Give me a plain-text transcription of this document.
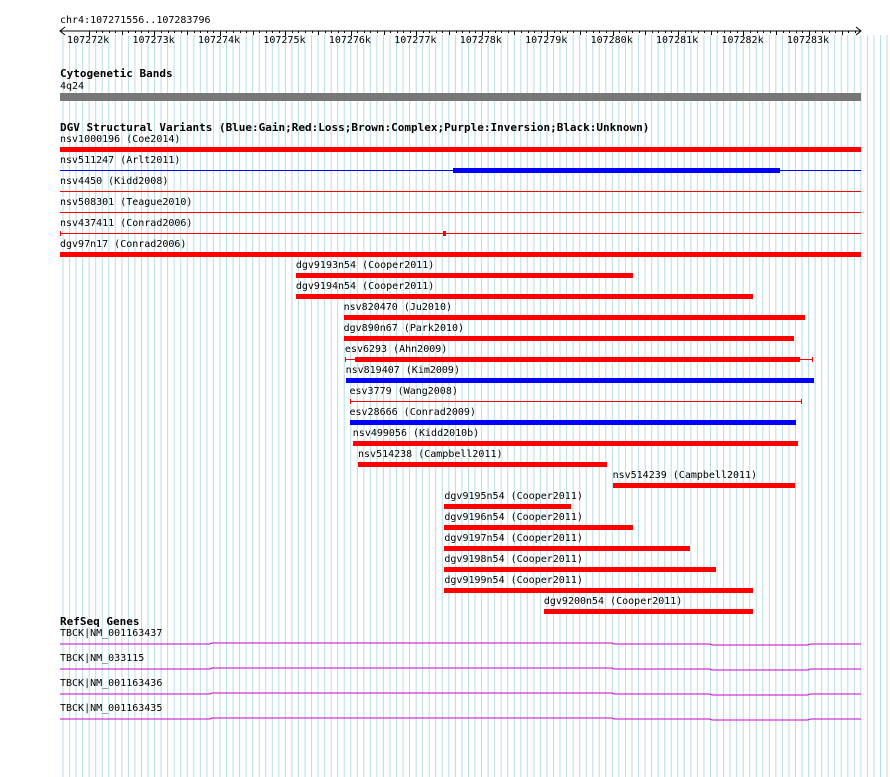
chr4:107271556..107283796
107272k 107273k 107274k 107275k 107276k 107277k 107278k 107279k 107280k 107281k 107282k 107283k
Cytogenetic Bands
4q24
DGV Structural Variants (Blue:Gain;Red:Loss;Brown:Complex;Purple:Inversion;Black:Unknown)
nsv1000196 (Coe2014)
nsv511247 (Arlt2011)
nsv4450 (Kidd2008)
nsv508301 (Teague2010)
nsv437411 (Conrad2006)
dgv97n17 (Conrad2006)
dgv9193n54 (Cooper2011)
dgv9194n54 (Cooper2011)
nsv820470 (Ju2010)
dgv890n67 (Park2010)
esv6293 (Ahn2009)
nsv819407 (Kim2009)
esv3779 (Wang2008)
esv28666 (Conrad2009)
nsv499056 (Kidd2010b)
nsv514238 (Campbell2011)
nsv514239 (Campbell2011)
dgv9195n54 (Cooper2011)
dgv9196n54 (Cooper2011)
dgv9197n54 (Cooper2011)
dgv9198n54 (Cooper2011)
dgv9199n54 (Cooper2011)
dgv9200n54 (Cooper2011)
RefSeq Genes
TBCK|NM_001163437
TBCK|NM_033115
TBCK|NM_001163436
TBCK|NM_001163435
